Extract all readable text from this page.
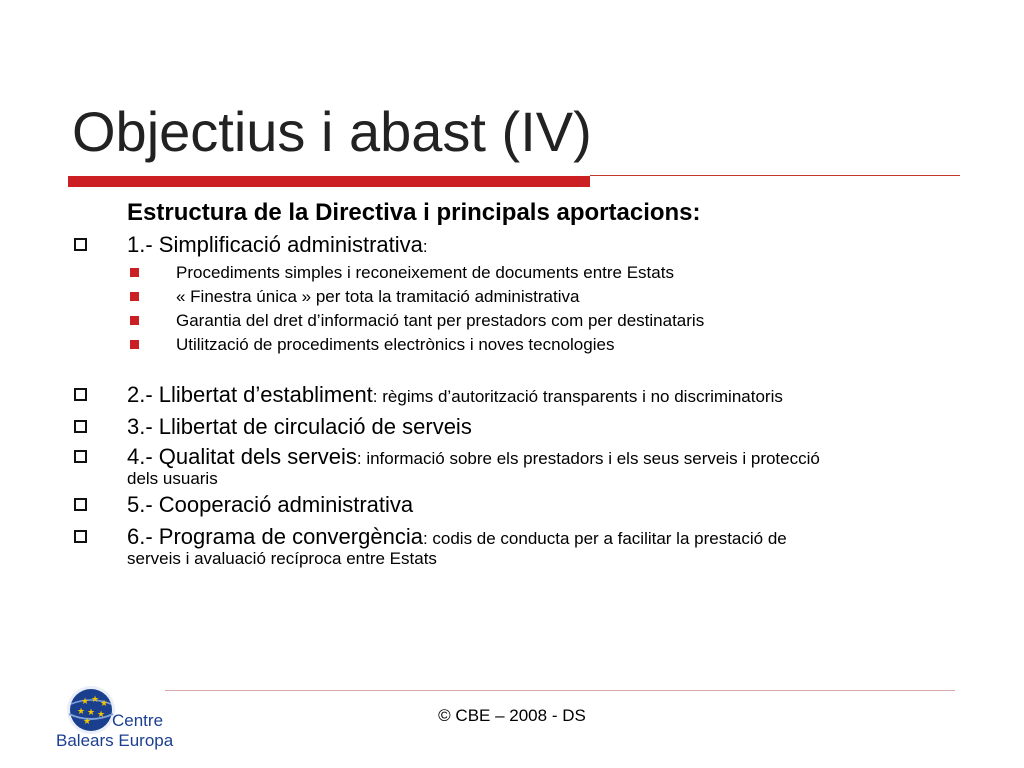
Objectius i abast (IV)
Estructura de la Directiva i principals aportacions:
1.- Simplificació administrativa:
Procediments simples i reconeixement de documents entre Estats
« Finestra única » per tota la tramitació administrativa
Garantia del dret d’informació tant per prestadors com per destinataris
Utilització de procediments electrònics i noves tecnologies
2.- Llibertat d’establiment: règims d’autorització transparents i no discriminatoris
3.- Llibertat de circulació de serveis
4.- Qualitat dels serveis: informació sobre els prestadors i els seus serveis i protecció
dels usuaris
5.- Cooperació administrativa
6.- Programa de convergència: codis de conducta per a facilitar la prestació de
serveis i avaluació recíproca entre Estats
© CBE – 2008 - DS
★ ★ ★
★ ★ ★
★ Centre
Balears Europa
